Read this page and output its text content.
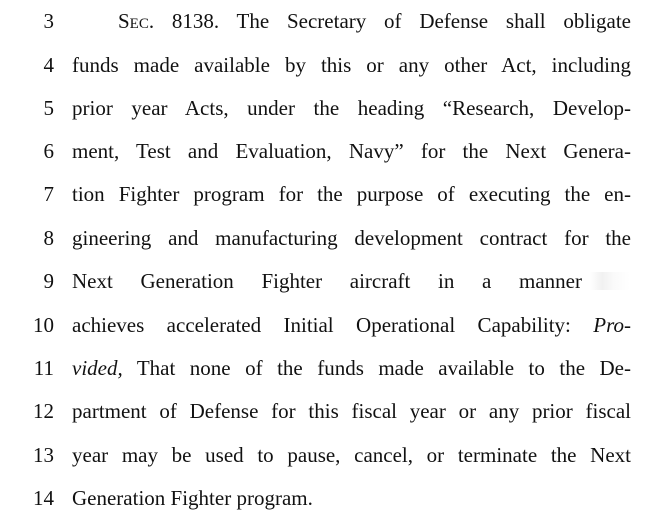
3	Sec. 8138. The Secretary of Defense shall obligate
4 funds made available by this or any other Act, including
5 prior year Acts, under the heading “Research, Develop-
6 ment, Test and Evaluation, Navy” for the Next Genera-
7 tion Fighter program for the purpose of executing the en-
8 gineering and manufacturing development contract for the
9 Next Generation Fighter aircraft in a manner
10 achieves accelerated Initial Operational Capability: Pro-
11 vided, That none of the funds made available to the De-
12 partment of Defense for this fiscal year or any prior fiscal
13 year may be used to pause, cancel, or terminate the Next
14 Generation Fighter program.
